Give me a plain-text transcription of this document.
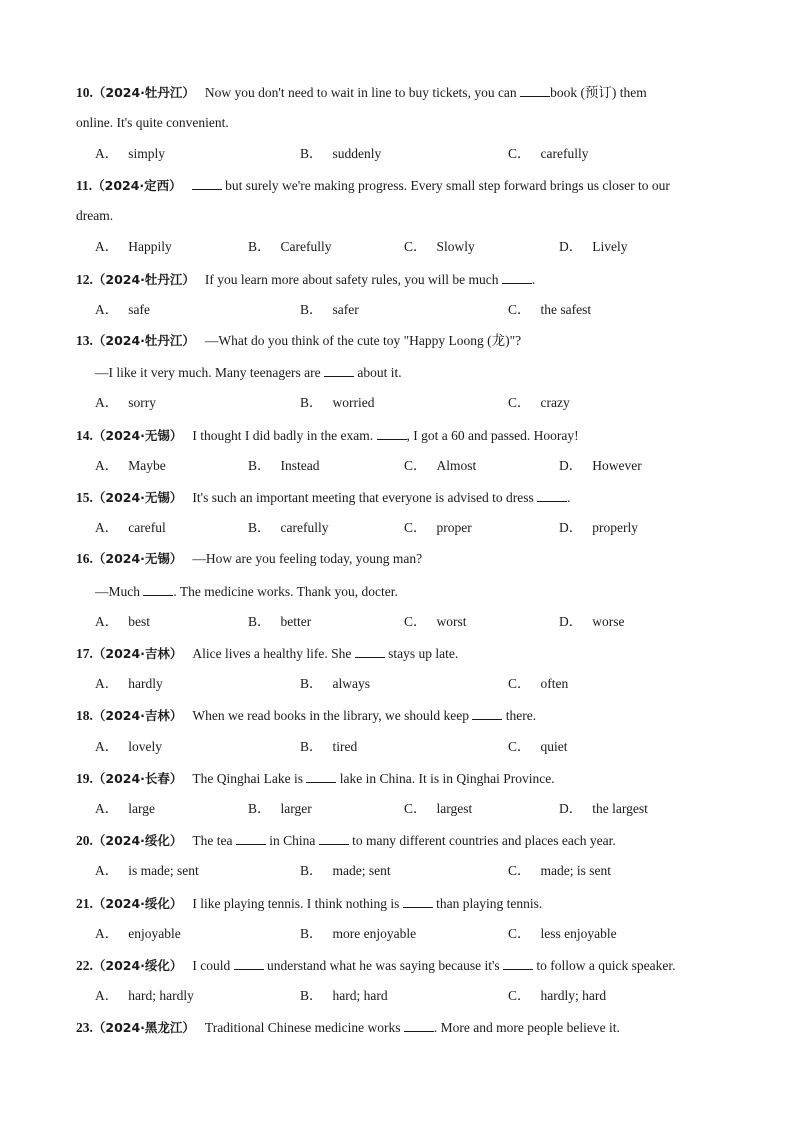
10.（2024·牡丹江） Now you don't need to wait in line to buy tickets, you can book (预订) them
online. It's quite convenient.
A． simply	B． suddenly	C． carefully
11.（2024·定西）	but surely we're making progress. Every small step forward brings us closer to our
dream.
A． Happily	B． Carefully	C． Slowly	D． Lively
12.（2024·牡丹江） If you learn more about safety rules, you will be much .
A． safe	B． safer	C． the safest
13.（2024·牡丹江） —What do you think of the cute toy "Happy Loong (龙)"?
—I like it very much. Many teenagers are  about it.
A． sorry	B． worried	C． crazy
14.（2024·无锡） I thought I did badly in the exam. , I got a 60 and passed. Hooray!
A． Maybe	B． Instead	C． Almost	D． However
15.（2024·无锡） It's such an important meeting that everyone is advised to dress .
A． careful	B． carefully	C． proper	D． properly
16.（2024·无锡） —How are you feeling today, young man?
—Much . The medicine works. Thank you, docter.
A． best	B． better	C． worst	D． worse
17.（2024·吉林） Alice lives a healthy life. She  stays up late.
A． hardly	B． always	C． often
18.（2024·吉林） When we read books in the library, we should keep  there.
A． lovely	B． tired	C． quiet
19.（2024·长春） The Qinghai Lake is  lake in China. It is in Qinghai Province.
A． large	B． larger	C． largest	D． the largest
20.（2024·绥化） The tea  in China  to many different countries and places each year.
A． is made; sent	B． made; sent	C． made; is sent
21.（2024·绥化） I like playing tennis. I think nothing is  than playing tennis.
A． enjoyable	B． more enjoyable	C． less enjoyable
22.（2024·绥化） I could  understand what he was saying because it's  to follow a quick speaker.
A． hard; hardly	B． hard; hard	C． hardly; hard
23.（2024·黑龙江） Traditional Chinese medicine works . More and more people believe it.
